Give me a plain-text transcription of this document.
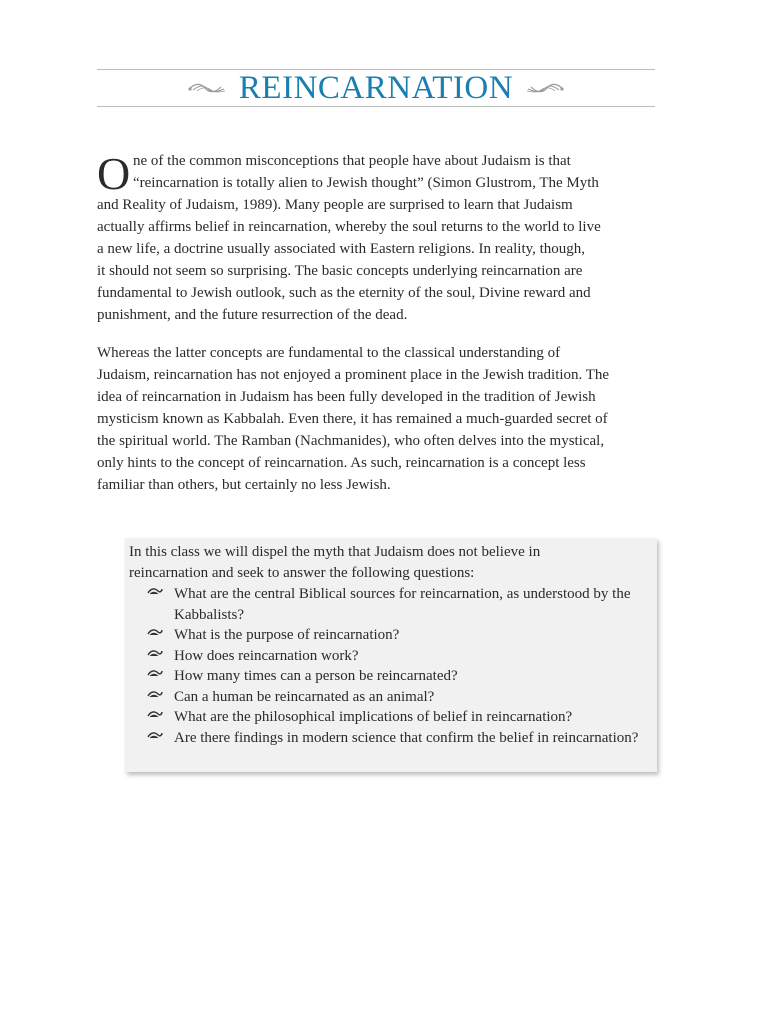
REINCARNATION
O ne of the common misconceptions that people have about Judaism is that
“reincarnation is totally alien to Jewish thought” (Simon Glustrom, The Myth
and Reality of Judaism, 1989). Many people are surprised to learn that Judaism
actually affirms belief in reincarnation, whereby the soul returns to the world to live
a new life, a doctrine usually associated with Eastern religions. In reality, though,
it should not seem so surprising. The basic concepts underlying reincarnation are
fundamental to Jewish outlook, such as the eternity of the soul, Divine reward and
punishment, and the future resurrection of the dead.
Whereas the latter concepts are fundamental to the classical understanding of
Judaism, reincarnation has not enjoyed a prominent place in the Jewish tradition. The
idea of reincarnation in Judaism has been fully developed in the tradition of Jewish
mysticism known as Kabbalah. Even there, it has remained a much-guarded secret of
the spiritual world. The Ramban (Nachmanides), who often delves into the mystical,
only hints to the concept of reincarnation. As such, reincarnation is a concept less
familiar than others, but certainly no less Jewish.
In this class we will dispel the myth that Judaism does not believe in
reincarnation and seek to answer the following questions:
What are the central Biblical sources for reincarnation, as understood by the Kabbalists?
What is the purpose of reincarnation?
How does reincarnation work?
How many times can a person be reincarnated?
Can a human be reincarnated as an animal?
What are the philosophical implications of belief in reincarnation?
Are there findings in modern science that confirm the belief in reincarnation?
